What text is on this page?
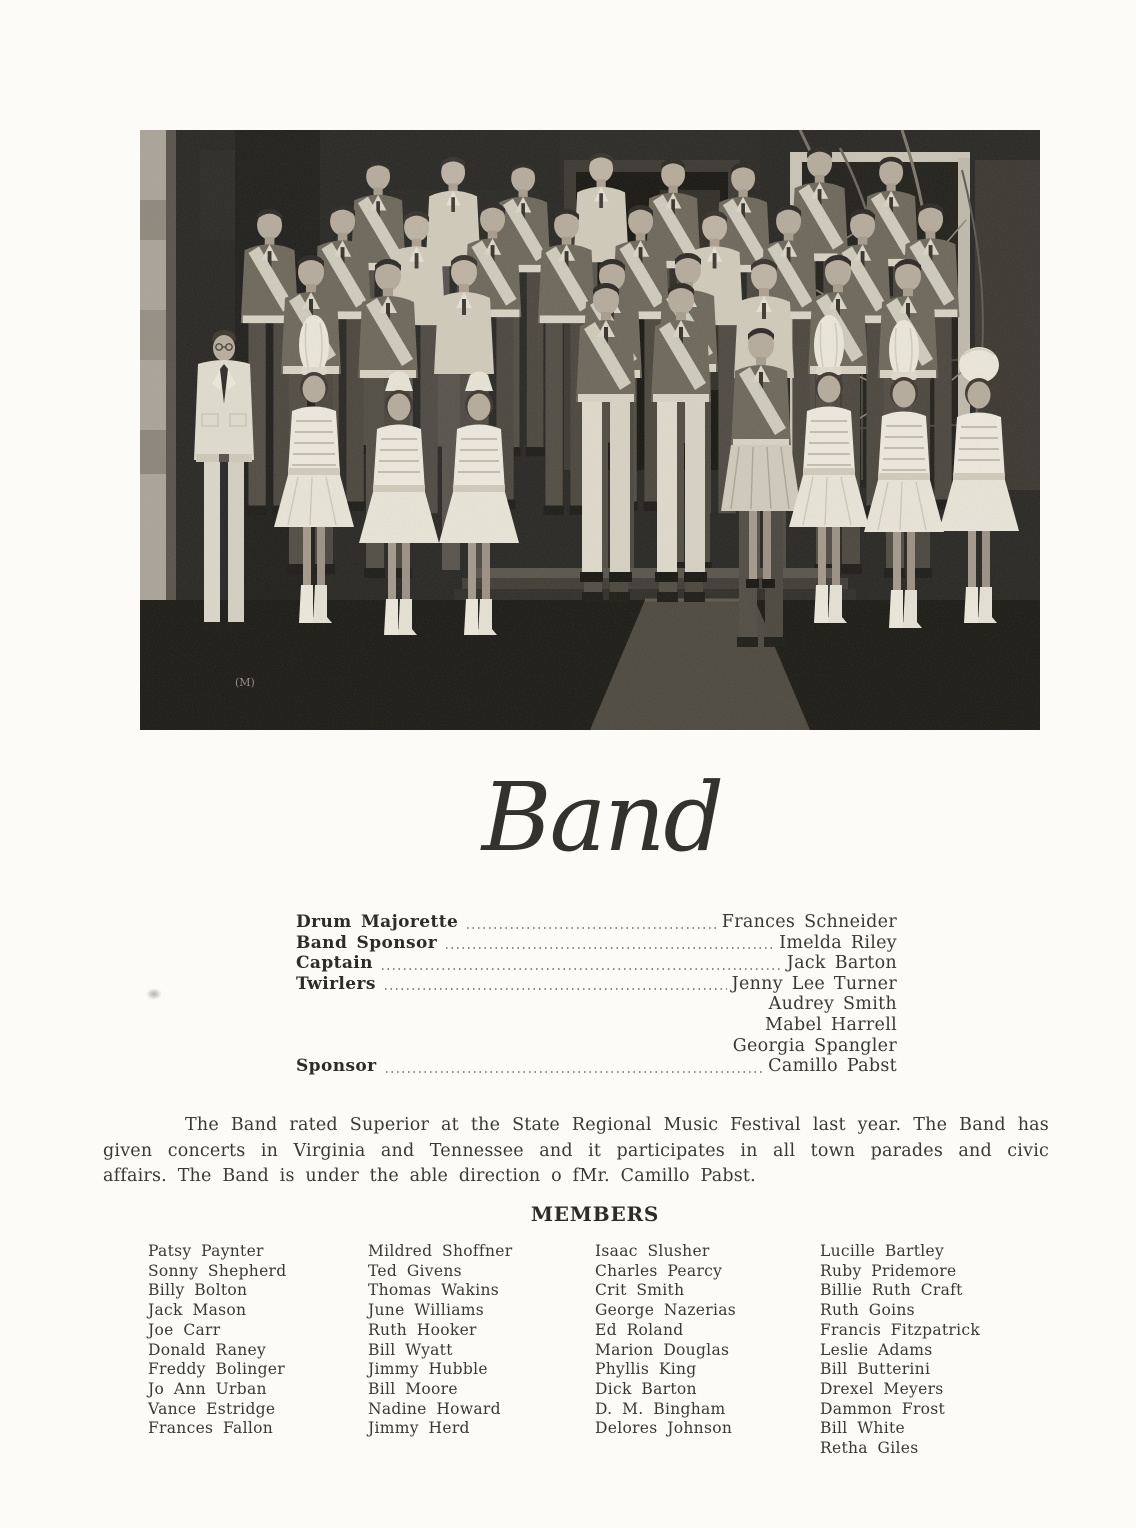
(M)
Band
Drum Majorette	Frances Schneider
Band Sponsor	Imelda Riley
Captain	Jack Barton
Twirlers	Jenny Lee Turner
Audrey Smith
Mabel Harrell
Georgia Spangler
Sponsor	Camillo Pabst
The Band rated Superior at the State Regional Music Festival last year. The Band has given concerts in Virginia and Tennessee and it participates in all town parades and civic affairs. The Band is under the able direction o fMr. Camillo Pabst.
MEMBERS
Patsy Paynter
Sonny Shepherd
Billy Bolton
Jack Mason
Joe Carr
Donald Raney
Freddy Bolinger
Jo Ann Urban
Vance Estridge
Frances Fallon
Mildred Shoffner
Ted Givens
Thomas Wakins
June Williams
Ruth Hooker
Bill Wyatt
Jimmy Hubble
Bill Moore
Nadine Howard
Jimmy Herd
Isaac Slusher
Charles Pearcy
Crit Smith
George Nazerias
Ed Roland
Marion Douglas
Phyllis King
Dick Barton
D. M. Bingham
Delores Johnson
Lucille Bartley
Ruby Pridemore
Billie Ruth Craft
Ruth Goins
Francis Fitzpatrick
Leslie Adams
Bill Butterini
Drexel Meyers
Dammon Frost
Bill White
Retha Giles
